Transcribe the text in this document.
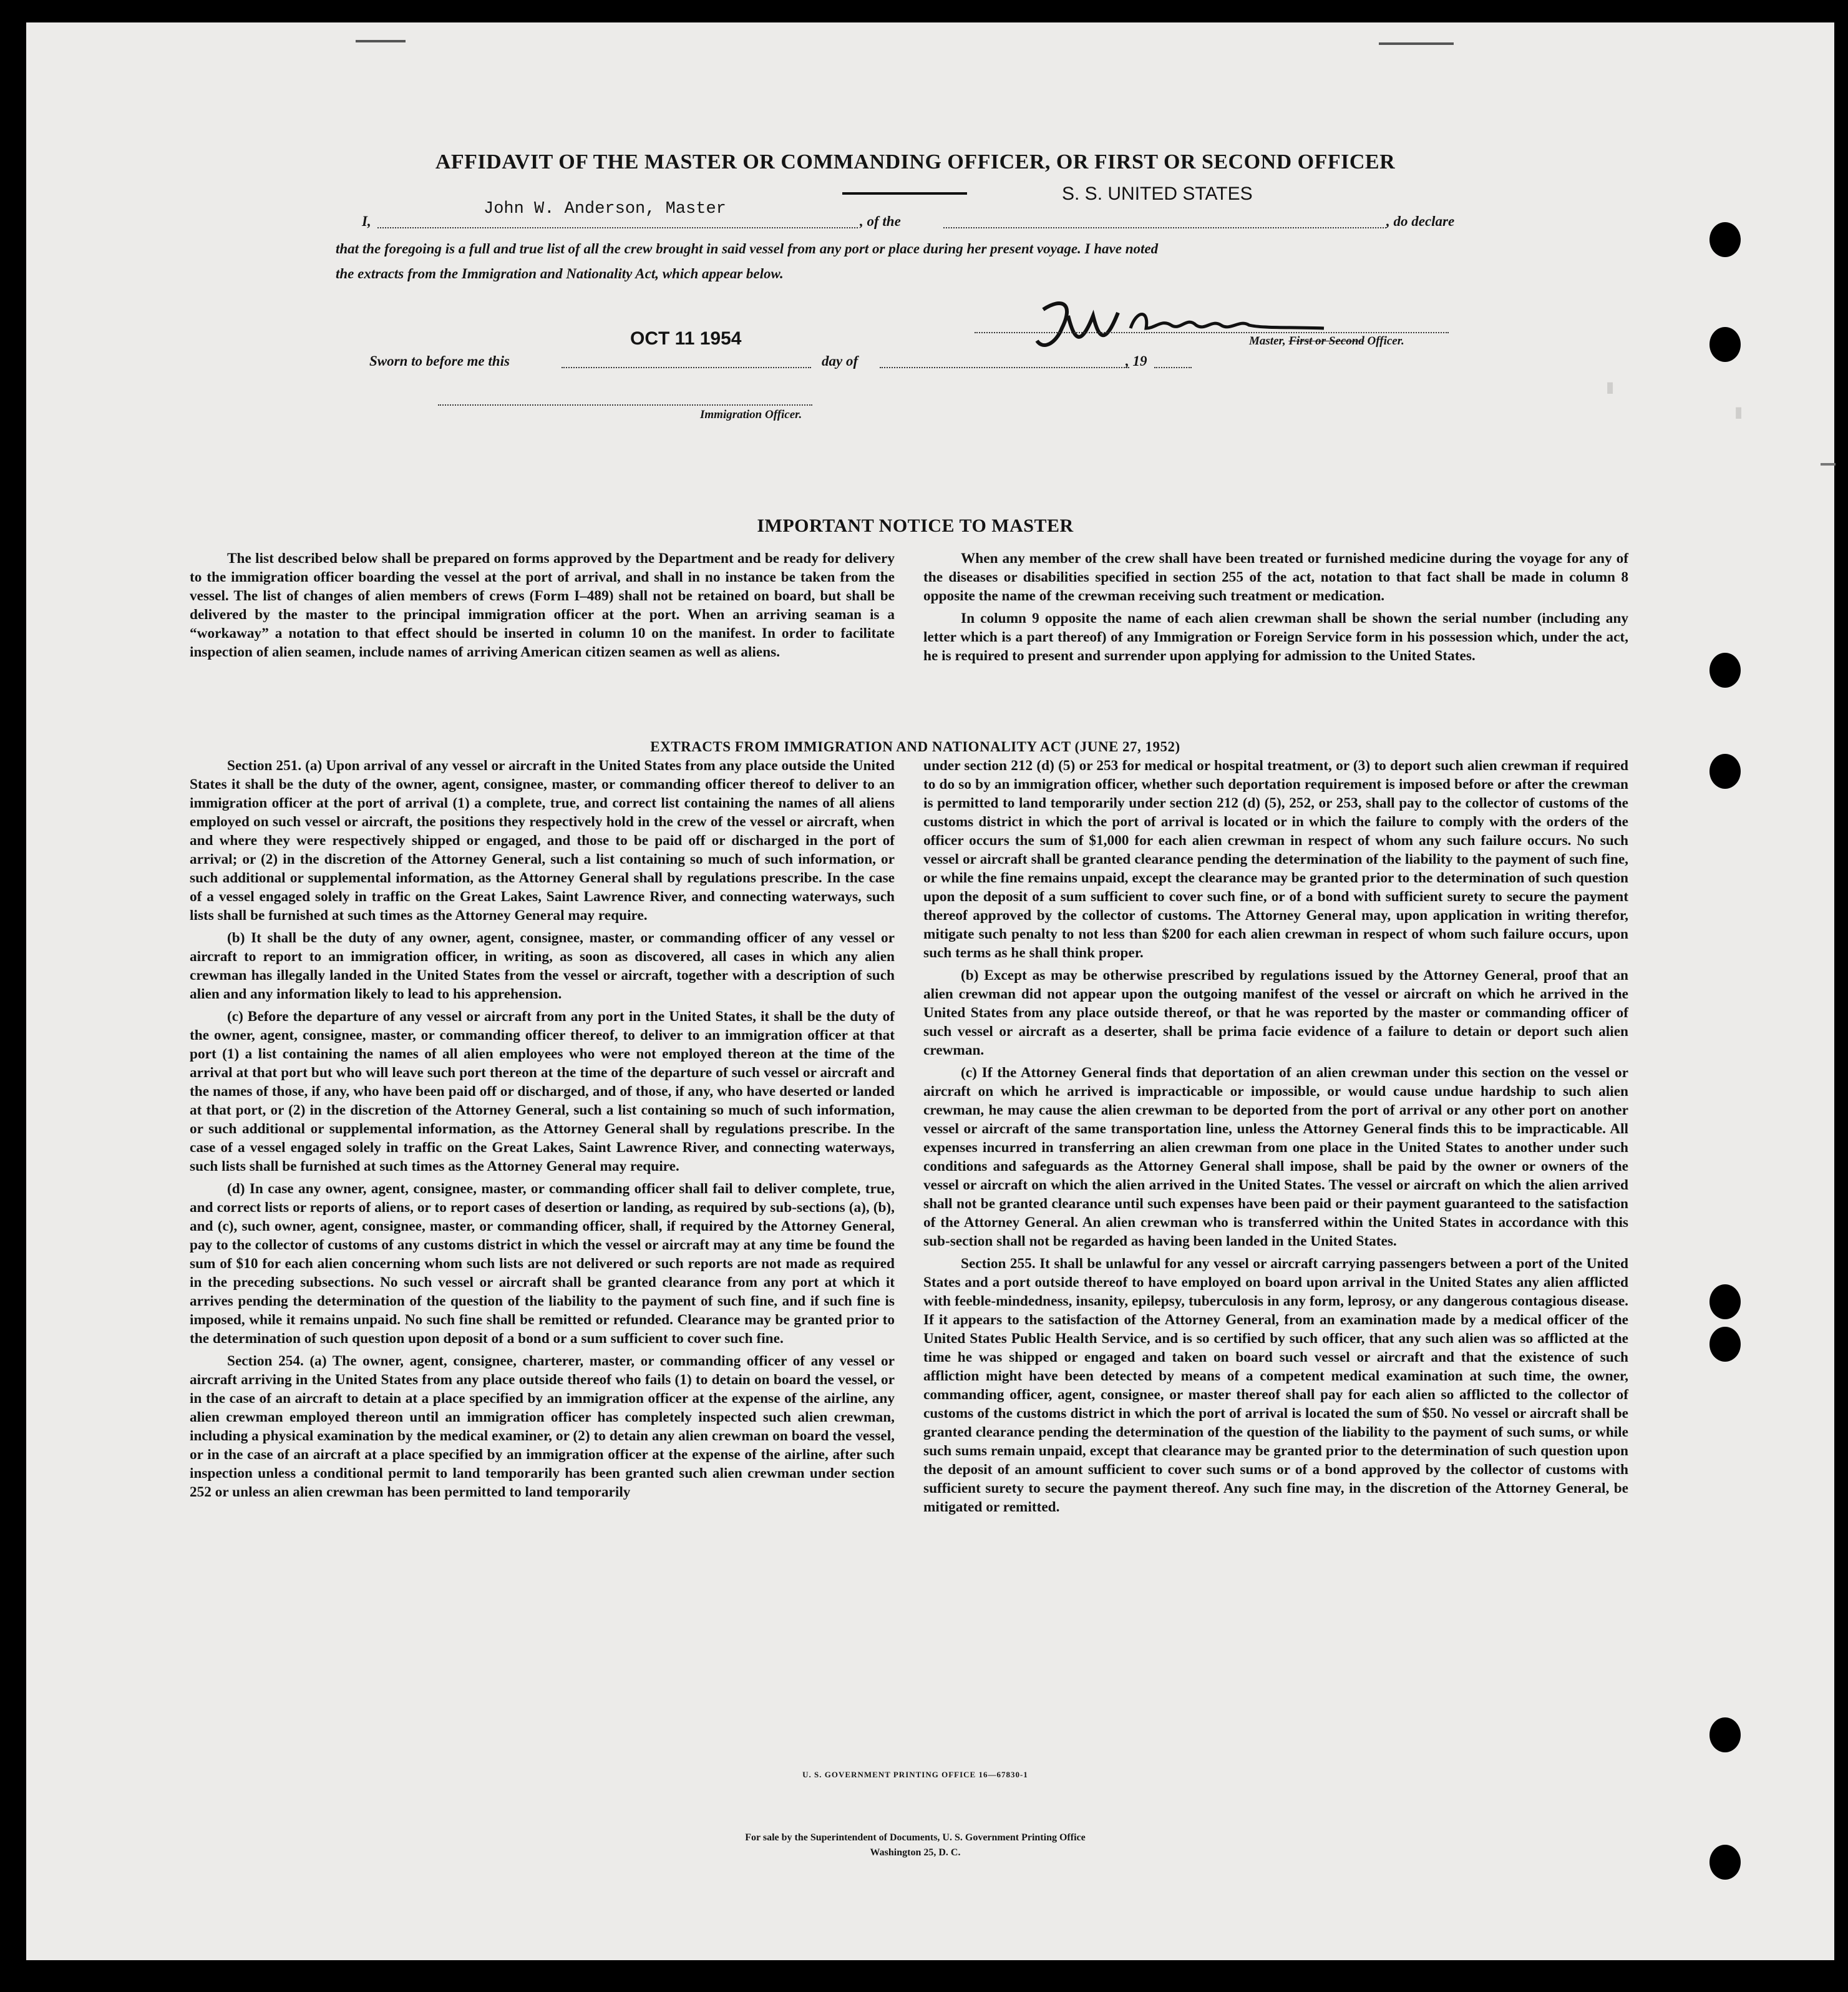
▮
▮
AFFIDAVIT OF THE MASTER OR COMMANDING OFFICER, OR FIRST OR SECOND OFFICER
I,
John W. Anderson, Master
, of the
S. S. UNITED STATES
, do declare
that the foregoing is a full and true list of all the crew brought in said vessel from any port or place during her present voyage. I have noted
the extracts from the Immigration and Nationality Act, which appear below.
JWAnderson
Master, First or Second Officer.
Sworn to before me this
OCT 11 1954
day of	, 19
Immigration Officer.
IMPORTANT NOTICE TO MASTER

The list described below shall be prepared on forms approved by the Department and be ready for delivery to the immigration officer boarding the vessel at the port of arrival, and shall in no instance be taken from the vessel. The list of changes of alien members of crews (Form I–489) shall not be retained on board, but shall be delivered by the master to the principal immigration officer at the port. When an arriving seaman is a “workaway” a notation to that effect should be inserted in column 10 on the manifest. In order to facilitate inspection of alien seamen, include names of arriving American citizen seamen as well as aliens.

When any member of the crew shall have been treated or furnished medicine during the voyage for any of the diseases or disabilities specified in section 255 of the act, notation to that fact shall be made in column 8 opposite the name of the crewman receiving such treatment or medication.

In column 9 opposite the name of each alien crewman shall be shown the serial number (including any letter which is a part thereof) of any Immigration or Foreign Service form in his possession which, under the act, he is required to present and surrender upon applying for admission to the United States.

EXTRACTS FROM IMMIGRATION AND NATIONALITY ACT (JUNE 27, 1952)

Section 251. (a) Upon arrival of any vessel or aircraft in the United States from any place outside the United States it shall be the duty of the owner, agent, consignee, master, or commanding officer thereof to deliver to an immigration officer at the port of arrival (1) a complete, true, and correct list containing the names of all aliens employed on such vessel or aircraft, the positions they respectively hold in the crew of the vessel or aircraft, when and where they were respectively shipped or engaged, and those to be paid off or discharged in the port of arrival; or (2) in the discretion of the Attorney General, such a list containing so much of such information, or such additional or supplemental information, as the Attorney General shall by regulations prescribe. In the case of a vessel engaged solely in traffic on the Great Lakes, Saint Lawrence River, and connecting waterways, such lists shall be furnished at such times as the Attorney General may require.

(b) It shall be the duty of any owner, agent, consignee, master, or commanding officer of any vessel or aircraft to report to an immigration officer, in writing, as soon as discovered, all cases in which any alien crewman has illegally landed in the United States from the vessel or aircraft, together with a description of such alien and any information likely to lead to his apprehension.

(c) Before the departure of any vessel or aircraft from any port in the United States, it shall be the duty of the owner, agent, consignee, master, or commanding officer thereof, to deliver to an immigration officer at that port (1) a list containing the names of all alien employees who were not employed thereon at the time of the arrival at that port but who will leave such port thereon at the time of the departure of such vessel or aircraft and the names of those, if any, who have been paid off or discharged, and of those, if any, who have deserted or landed at that port, or (2) in the discretion of the Attorney General, such a list containing so much of such information, or such additional or supplemental information, as the Attorney General shall by regulations prescribe. In the case of a vessel engaged solely in traffic on the Great Lakes, Saint Lawrence River, and connecting waterways, such lists shall be furnished at such times as the Attorney General may require.

(d) In case any owner, agent, consignee, master, or commanding officer shall fail to deliver complete, true, and correct lists or reports of aliens, or to report cases of desertion or landing, as required by sub-sections (a), (b), and (c), such owner, agent, consignee, master, or commanding officer, shall, if required by the Attorney General, pay to the collector of customs of any customs district in which the vessel or aircraft may at any time be found the sum of $10 for each alien concerning whom such lists are not delivered or such reports are not made as required in the preceding subsections. No such vessel or aircraft shall be granted clearance from any port at which it arrives pending the determination of the question of the liability to the payment of such fine, and if such fine is imposed, while it remains unpaid. No such fine shall be remitted or refunded. Clearance may be granted prior to the determination of such question upon deposit of a bond or a sum sufficient to cover such fine.

Section 254. (a) The owner, agent, consignee, charterer, master, or commanding officer of any vessel or aircraft arriving in the United States from any place outside thereof who fails (1) to detain on board the vessel, or in the case of an aircraft to detain at a place specified by an immigration officer at the expense of the airline, any alien crewman employed thereon until an immigration officer has completely inspected such alien crewman, including a physical examination by the medical examiner, or (2) to detain any alien crewman on board the vessel, or in the case of an aircraft at a place specified by an immigration officer at the expense of the airline, after such inspection unless a conditional permit to land temporarily has been granted such alien crewman under section 252 or unless an alien crewman has been permitted to land temporarily

under section 212 (d) (5) or 253 for medical or hospital treatment, or (3) to deport such alien crewman if required to do so by an immigration officer, whether such deportation requirement is imposed before or after the crewman is permitted to land temporarily under section 212 (d) (5), 252, or 253, shall pay to the collector of customs of the customs district in which the port of arrival is located or in which the failure to comply with the orders of the officer occurs the sum of $1,000 for each alien crewman in respect of whom any such failure occurs. No such vessel or aircraft shall be granted clearance pending the determination of the liability to the payment of such fine, or while the fine remains unpaid, except the clearance may be granted prior to the determination of such question upon the deposit of a sum sufficient to cover such fine, or of a bond with sufficient surety to secure the payment thereof approved by the collector of customs. The Attorney General may, upon application in writing therefor, mitigate such penalty to not less than $200 for each alien crewman in respect of whom such failure occurs, upon such terms as he shall think proper.

(b) Except as may be otherwise prescribed by regulations issued by the Attorney General, proof that an alien crewman did not appear upon the outgoing manifest of the vessel or aircraft on which he arrived in the United States from any place outside thereof, or that he was reported by the master or commanding officer of such vessel or aircraft as a deserter, shall be prima facie evidence of a failure to detain or deport such alien crewman.

(c) If the Attorney General finds that deportation of an alien crewman under this section on the vessel or aircraft on which he arrived is impracticable or impossible, or would cause undue hardship to such alien crewman, he may cause the alien crewman to be deported from the port of arrival or any other port on another vessel or aircraft of the same transportation line, unless the Attorney General finds this to be impracticable. All expenses incurred in transferring an alien crewman from one place in the United States to another under such conditions and safeguards as the Attorney General shall impose, shall be paid by the owner or owners of the vessel or aircraft on which the alien arrived in the United States. The vessel or aircraft on which the alien arrived shall not be granted clearance until such expenses have been paid or their payment guaranteed to the satisfaction of the Attorney General. An alien crewman who is transferred within the United States in accordance with this sub-section shall not be regarded as having been landed in the United States.

Section 255. It shall be unlawful for any vessel or aircraft carrying passengers between a port of the United States and a port outside thereof to have employed on board upon arrival in the United States any alien afflicted with feeble-mindedness, insanity, epilepsy, tuberculosis in any form, leprosy, or any dangerous contagious disease. If it appears to the satisfaction of the Attorney General, from an examination made by a medical officer of the United States Public Health Service, and is so certified by such officer, that any such alien was so afflicted at the time he was shipped or engaged and taken on board such vessel or aircraft and that the existence of such affliction might have been detected by means of a competent medical examination at such time, the owner, commanding officer, agent, consignee, or master thereof shall pay for each alien so afflicted to the collector of customs of the customs district in which the port of arrival is located the sum of $50. No vessel or aircraft shall be granted clearance pending the determination of the question of the liability to the payment of such sums, or while such sums remain unpaid, except that clearance may be granted prior to the determination of such question upon the deposit of an amount sufficient to cover such sums or of a bond approved by the collector of customs with sufficient surety to secure the payment thereof. Any such fine may, in the discretion of the Attorney General, be mitigated or remitted.

U. S. GOVERNMENT PRINTING OFFICE 16—67830-1
For sale by the Superintendent of Documents, U. S. Government Printing Office
Washington 25, D. C.
